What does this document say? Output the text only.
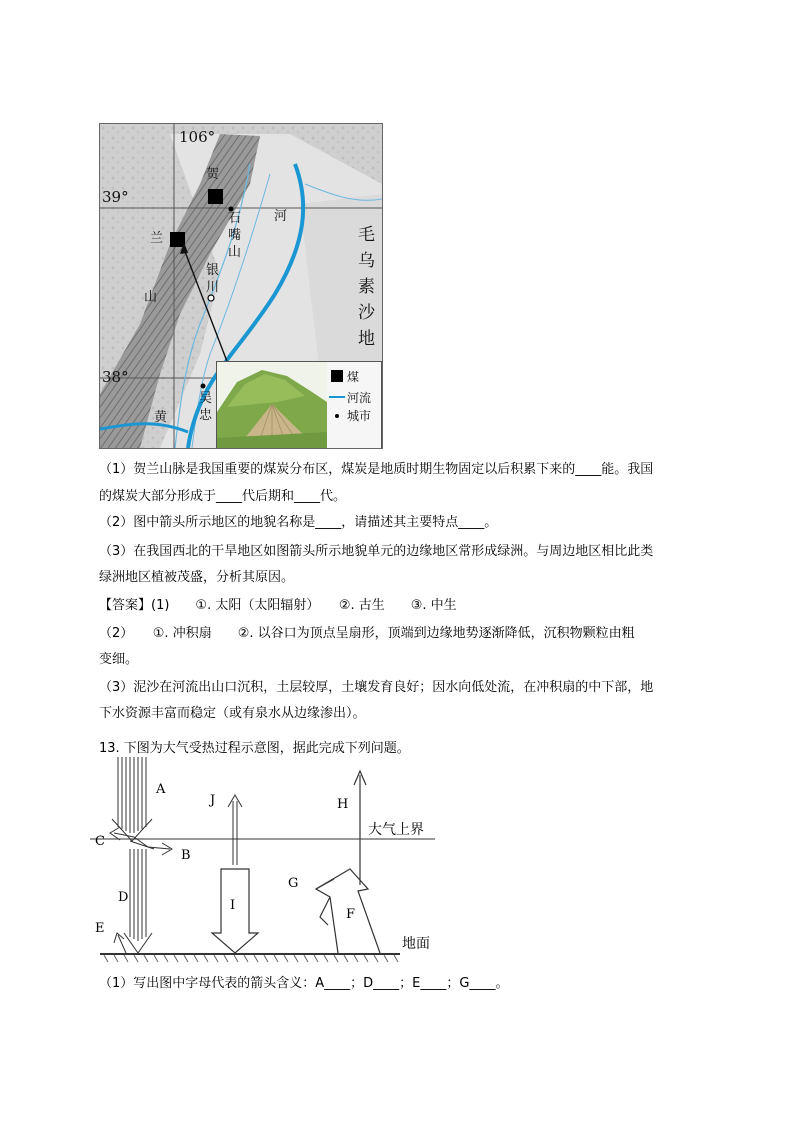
106°
39°
38°
贺
兰
山
石
嘴
山
银
川
吴
忠
河
黄
毛
乌
素
沙
地
煤
河流
城市
（1）贺兰山脉是我国重要的煤炭分布区，煤炭是地质时期生物固定以后积累下来的____能。我国
的煤炭大部分形成于____代后期和____代。
（2）图中箭头所示地区的地貌名称是____，请描述其主要特点____。
（3）在我国西北的干旱地区如图箭头所示地貌单元的边缘地区常形成绿洲。与周边地区相比此类
绿洲地区植被茂盛，分析其原因。
【答案】(1)　　①. 太阳（太阳辐射）　　②. 古生　　③. 中生
（2）　　①. 冲积扇　　②. 以谷口为顶点呈扇形，顶端到边缘地势逐渐降低，沉积物颗粒由粗
变细。
（3）泥沙在河流出山口沉积，土层较厚，土壤发育良好；因水向低处流，在冲积扇的中下部，地
下水资源丰富而稳定（或有泉水从边缘渗出）。
13. 下图为大气受热过程示意图，据此完成下列问题。
A
C
B
D
E
J
I
H
G
F
大气上界
地面
（1）写出图中字母代表的箭头含义：A____；D____；E____；G____。
